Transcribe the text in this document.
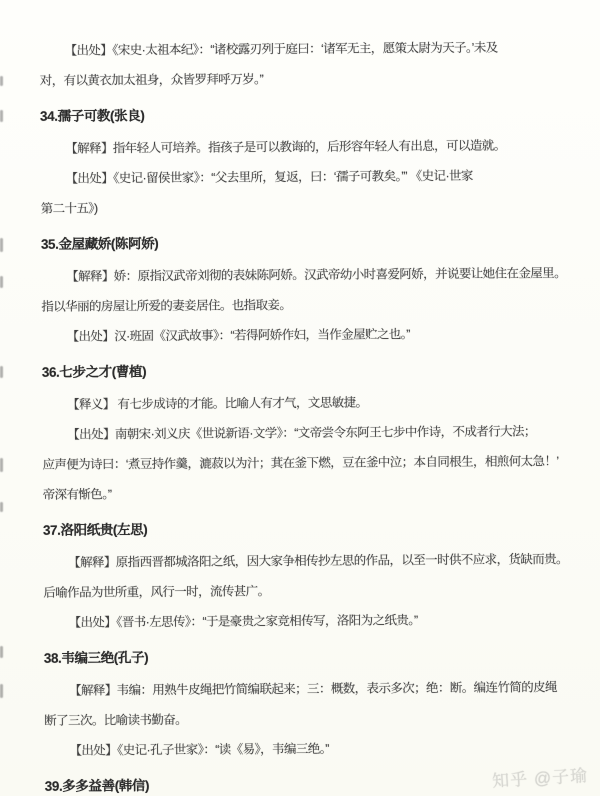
【出处】《宋史·太祖本纪》：“诸校露刃列于庭曰：‘诸军无主，愿策太尉为天子。’未及
对，有以黄衣加太祖身，众皆罗拜呼万岁。”
34.孺子可教(张良)
【解释】指年轻人可培养。指孩子是可以教诲的，后形容年轻人有出息，可以造就。
【出处】《史记·留侯世家》：“父去里所，复返，曰：‘孺子可教矣。’” 《史记·世家
第二十五》)
35.金屋藏娇(陈阿娇)
【解释】娇：原指汉武帝刘彻的表妹陈阿娇。汉武帝幼小时喜爱阿娇，并说要让她住在金屋里。
指以华丽的房屋让所爱的妻妾居住。也指取妾。
【出处】汉·班固《汉武故事》：“若得阿娇作妇，当作金屋贮之也。”
36.七步之才(曹植)
【释义】 有七步成诗的才能。比喻人有才气，文思敏捷。
【出处】南朝宋·刘义庆《世说新语·文学》：“文帝尝令东阿王七步中作诗，不成者行大法；
应声便为诗曰：‘煮豆持作羹，漉菽以为汁；萁在釜下燃，豆在釜中泣；本自同根生，相煎何太急！’
帝深有惭色。”
37.洛阳纸贵(左思)
【解释】原指西晋都城洛阳之纸，因大家争相传抄左思的作品，以至一时供不应求，货缺而贵。
后喻作品为世所重，风行一时，流传甚广。
【出处】《晋书·左思传》：“于是豪贵之家竞相传写，洛阳为之纸贵。”
38.韦编三绝(孔子)
【解释】韦编：用熟牛皮绳把竹简编联起来；三：概数，表示多次；绝：断。编连竹简的皮绳
断了三次。比喻读书勤奋。
【出处】《史记·孔子世家》：“读《易》，韦编三绝。”
39.多多益善(韩信)	知乎 @子瑜
